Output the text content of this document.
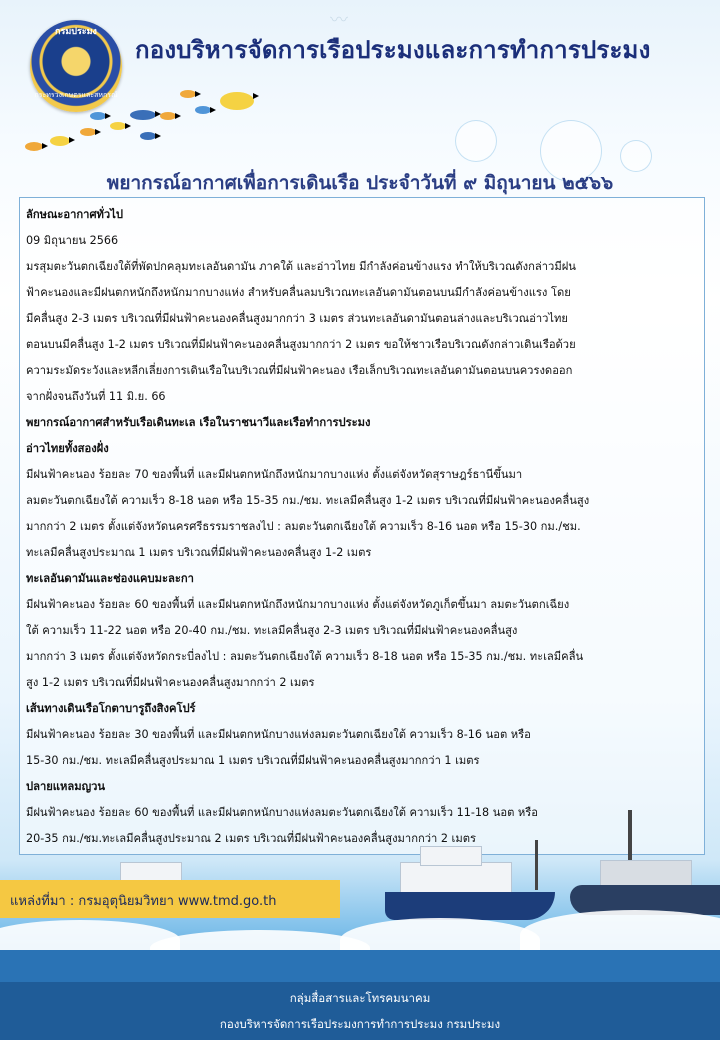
〰
กรมประมง
กระทรวงเกษตรและสหกรณ์
กองบริหารจัดการเรือประมงและการทำการประมง
พยากรณ์อากาศเพื่อการเดินเรือ ประจำวันที่ ๙ มิถุนายน ๒๕๖๖

ลักษณะอากาศทั่วไป

09 มิถุนายน 2566

มรสุมตะวันตกเฉียงใต้ที่พัดปกคลุมทะเลอันดามัน ภาคใต้ และอ่าวไทย มีกำลังค่อนข้างแรง ทำให้บริเวณดังกล่าวมีฝน

ฟ้าคะนองและมีฝนตกหนักถึงหนักมากบางแห่ง สำหรับคลื่นลมบริเวณทะเลอันดามันตอนบนมีกำลังค่อนข้างแรง โดย

มีคลื่นสูง 2-3 เมตร บริเวณที่มีฝนฟ้าคะนองคลื่นสูงมากกว่า 3 เมตร ส่วนทะเลอันดามันตอนล่างและบริเวณอ่าวไทย

ตอนบนมีคลื่นสูง 1-2 เมตร บริเวณที่มีฝนฟ้าคะนองคลื่นสูงมากกว่า 2 เมตร ขอให้ชาวเรือบริเวณดังกล่าวเดินเรือด้วย

ความระมัดระวังและหลีกเลี่ยงการเดินเรือในบริเวณที่มีฝนฟ้าคะนอง เรือเล็กบริเวณทะเลอันดามันตอนบนควรงดออก

จากฝั่งจนถึงวันที่ 11 มิ.ย. 66

พยากรณ์อากาศสำหรับเรือเดินทะเล เรือในราชนาวีและเรือทำการประมง

อ่าวไทยทั้งสองฝั่ง

มีฝนฟ้าคะนอง ร้อยละ 70 ของพื้นที่ และมีฝนตกหนักถึงหนักมากบางแห่ง ตั้งแต่จังหวัดสุราษฎร์ธานีขึ้นมา

ลมตะวันตกเฉียงใต้ ความเร็ว 8-18 นอต หรือ 15-35 กม./ชม. ทะเลมีคลื่นสูง 1-2 เมตร บริเวณที่มีฝนฟ้าคะนองคลื่นสูง

มากกว่า 2 เมตร ตั้งแต่จังหวัดนครศรีธรรมราชลงไป : ลมตะวันตกเฉียงใต้ ความเร็ว 8-16 นอต หรือ 15-30 กม./ชม.

ทะเลมีคลื่นสูงประมาณ 1 เมตร บริเวณที่มีฝนฟ้าคะนองคลื่นสูง 1-2 เมตร

ทะเลอันดามันและช่องแคบมะละกา

มีฝนฟ้าคะนอง ร้อยละ 60 ของพื้นที่ และมีฝนตกหนักถึงหนักมากบางแห่ง ตั้งแต่จังหวัดภูเก็ตขึ้นมา ลมตะวันตกเฉียง

ใต้ ความเร็ว 11-22 นอต หรือ 20-40 กม./ชม. ทะเลมีคลื่นสูง 2-3 เมตร บริเวณที่มีฝนฟ้าคะนองคลื่นสูง

มากกว่า 3 เมตร ตั้งแต่จังหวัดกระบี่ลงไป : ลมตะวันตกเฉียงใต้ ความเร็ว 8-18 นอต หรือ 15-35 กม./ชม. ทะเลมีคลื่น

สูง 1-2 เมตร บริเวณที่มีฝนฟ้าคะนองคลื่นสูงมากกว่า 2 เมตร

เส้นทางเดินเรือโกตาบารูถึงสิงคโปร์

มีฝนฟ้าคะนอง ร้อยละ 30 ของพื้นที่ และมีฝนตกหนักบางแห่งลมตะวันตกเฉียงใต้ ความเร็ว 8-16 นอต หรือ

15-30 กม./ชม. ทะเลมีคลื่นสูงประมาณ 1 เมตร บริเวณที่มีฝนฟ้าคะนองคลื่นสูงมากกว่า 1 เมตร

ปลายแหลมญวน

มีฝนฟ้าคะนอง ร้อยละ 60 ของพื้นที่ และมีฝนตกหนักบางแห่งลมตะวันตกเฉียงใต้ ความเร็ว 11-18 นอต หรือ

20-35 กม./ชม.ทะเลมีคลื่นสูงประมาณ 2 เมตร บริเวณที่มีฝนฟ้าคะนองคลื่นสูงมากกว่า 2 เมตร

แหล่งที่มา : กรมอุตุนิยมวิทยา www.tmd.go.th
กลุ่มสื่อสารและโทรคมนาคม
กองบริหารจัดการเรือประมงการทำการประมง กรมประมง
